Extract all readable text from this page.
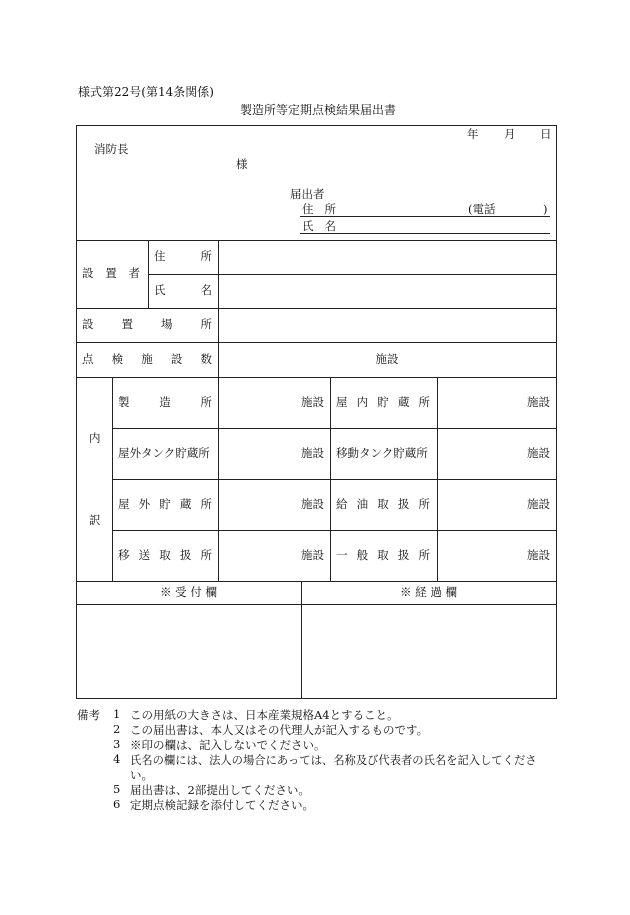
様式第22号(第14条関係)
製造所等定期点検結果届出書
年 月 日
消防長
様
届出者
住 所	(電話	)
氏 名
設 置 者
住	所
氏	名
設 置 場 所
点 検 施 設 数	施設
内
訳
製	造	所	施設 屋 内 貯 蔵 所	施設
屋外タンク貯蔵所	施設 移動タンク貯蔵所	施設
屋 外 貯 蔵 所	施設 給 油 取 扱 所	施設
移 送 取 扱 所	施設 一 般 取 扱 所	施設
※ 受 付 欄	※ 経 過 欄
備考 1 この用紙の大きさは、日本産業規格A4とすること。
2 この届出書は、本人又はその代理人が記入するものです。
3 ※印の欄は、記入しないでください。
4 氏名の欄には、法人の場合にあっては、名称及び代表者の氏名を記入してくださ
い。
5 届出書は、2部提出してください。
6 定期点検記録を添付してください。
